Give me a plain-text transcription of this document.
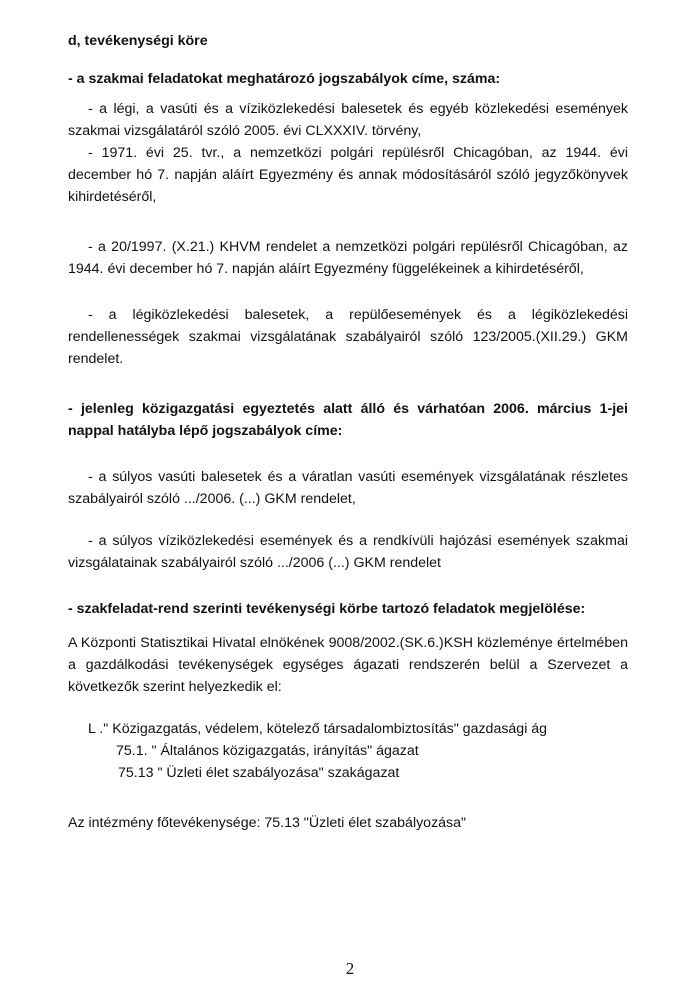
d, tevékenységi köre

- a szakmai feladatokat meghatározó jogszabályok címe, száma:

- a légi, a vasúti és a víziközlekedési balesetek és egyéb közlekedési események szakmai vizsgálatáról szóló 2005. évi CLXXXIV. törvény,

- 1971. évi 25. tvr., a nemzetközi polgári repülésről Chicagóban, az 1944. évi december hó 7. napján aláírt Egyezmény és annak módosításáról szóló jegyzőkönyvek kihirdetéséről,

- a 20/1997. (X.21.) KHVM rendelet a nemzetközi polgári repülésről Chicagóban, az 1944. évi december hó 7. napján aláírt Egyezmény függelékeinek a kihirdetéséről,

- a légiközlekedési balesetek, a repülőesemények és a légiközlekedési rendellenességek szakmai vizsgálatának szabályairól szóló 123/2005.(XII.29.) GKM rendelet.

- jelenleg közigazgatási egyeztetés alatt álló és várhatóan 2006. március 1-jei nappal hatályba lépő jogszabályok címe:

- a súlyos vasúti balesetek és a váratlan vasúti események vizsgálatának részletes szabályairól szóló .../2006. (...) GKM rendelet,

- a súlyos víziközlekedési események és a rendkívüli hajózási események szakmai vizsgálatainak szabályairól szóló .../2006 (...) GKM rendelet

- szakfeladat-rend szerinti tevékenységi körbe tartozó feladatok megjelölése:

A Központi Statisztikai Hivatal elnökének 9008/2002.(SK.6.)KSH közleménye értelmében a gazdálkodási tevékenységek egységes ágazati rendszerén belül a Szervezet a következők szerint helyezkedik el:

L ." Közigazgatás, védelem, kötelező társadalombiztosítás" gazdasági ág

75.1. " Általános közigazgatás, irányítás" ágazat

75.13 " Üzleti élet szabályozása" szakágazat

Az intézmény főtevékenysége: 75.13 "Üzleti élet szabályozása"

2
